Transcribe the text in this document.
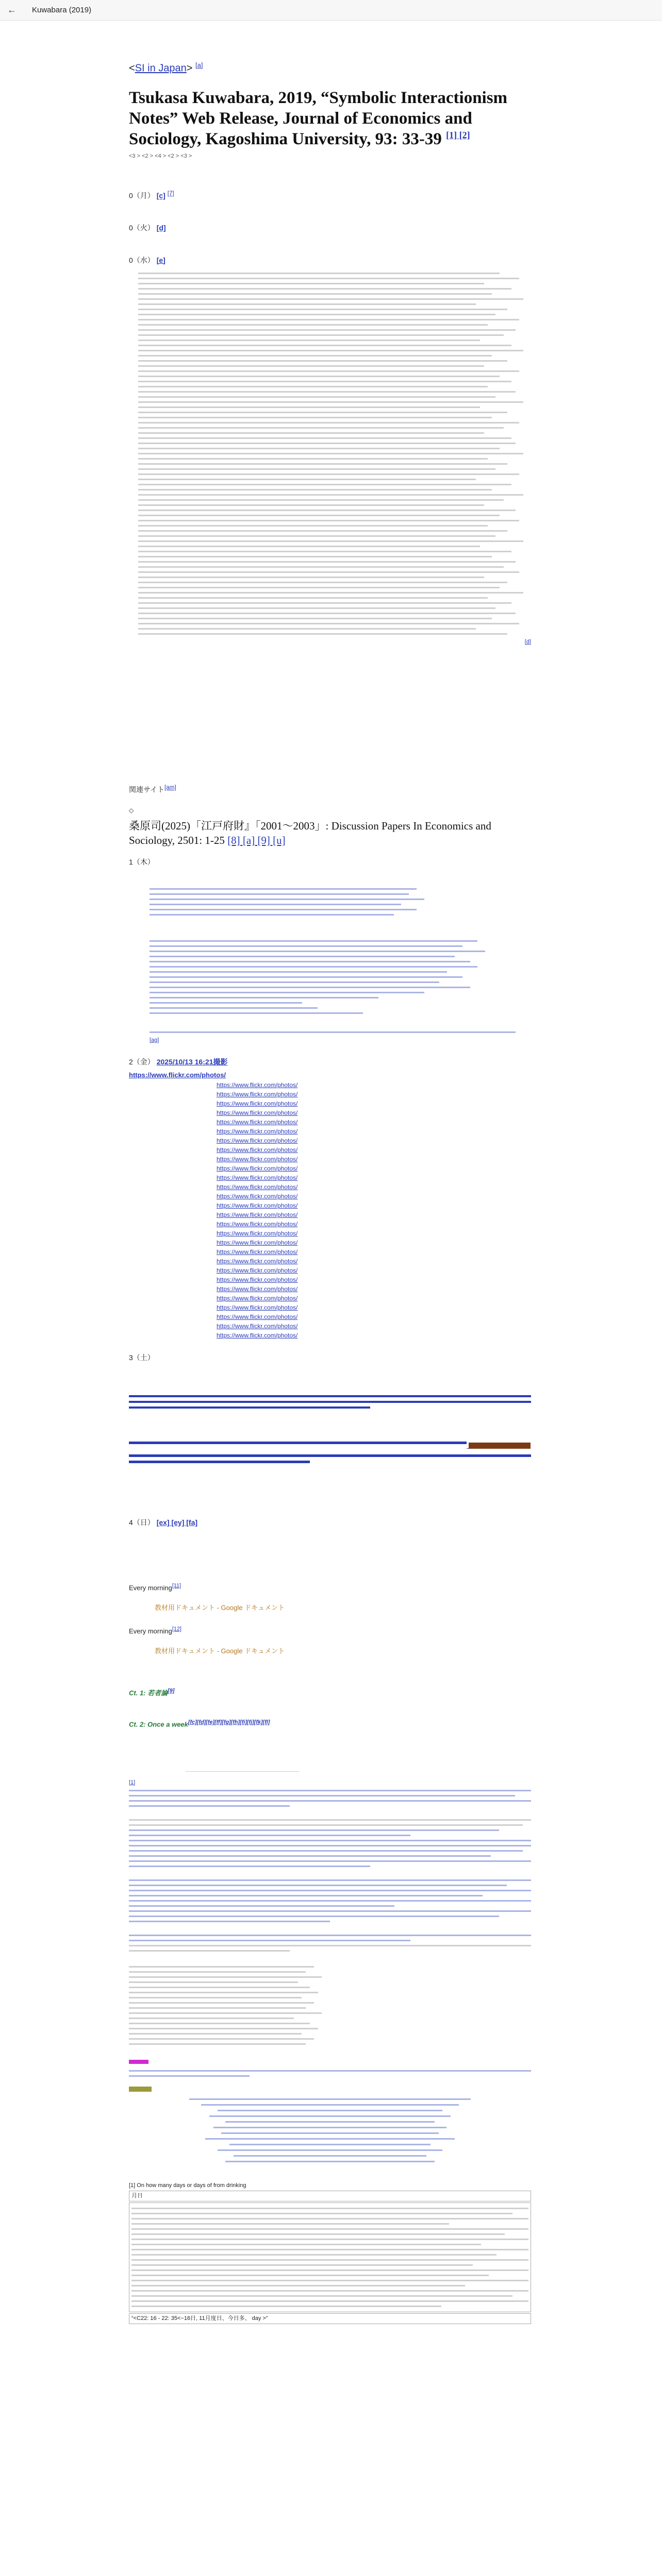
← Kuwabara (2019)
<SI in Japan> [a]
Tsukasa Kuwabara, 2019, “Symbolic Interactionism Notes” Web Release, Journal of Economics and Sociology, Kagoshima University, 93: 33-39 [1] [2]
<3 > <2 > <4 > <2 > <3 >
0（月） [c] [7]
0（火） [d]
0（水） [e]
[d]
関連サイト[am]
◇
桑原司(2025)「江戸府財』「2001〜2003」: Discussion Papers In Economics and Sociology, 2501: 1-25 [8] [a] [9] [u]
1（木）
[ag]
2（金） 2025/10/13 16:21撮影
https://www.flickr.com/photos/
https://www.flickr.com/photos/
https://www.flickr.com/photos/
https://www.flickr.com/photos/
https://www.flickr.com/photos/
https://www.flickr.com/photos/
https://www.flickr.com/photos/
https://www.flickr.com/photos/
https://www.flickr.com/photos/
https://www.flickr.com/photos/
https://www.flickr.com/photos/
https://www.flickr.com/photos/
https://www.flickr.com/photos/
https://www.flickr.com/photos/
https://www.flickr.com/photos/
https://www.flickr.com/photos/
https://www.flickr.com/photos/
https://www.flickr.com/photos/
https://www.flickr.com/photos/
https://www.flickr.com/photos/
https://www.flickr.com/photos/
https://www.flickr.com/photos/
https://www.flickr.com/photos/
https://www.flickr.com/photos/
https://www.flickr.com/photos/
https://www.flickr.com/photos/
https://www.flickr.com/photos/
https://www.flickr.com/photos/
https://www.flickr.com/photos/
3（土）

4（日） [ex] [ey] [fa]
Every morning[11]
教材用ドキュメント - Google ドキュメント
Every morning[12]
教材用ドキュメント - Google ドキュメント
Ct. 1: 若者論[9]
Ct. 2: Once a week[fc][fd][fe][ff][fg][fh][fi][fj][fk][fl]
[1]
[1] On how many days or days of from drinking
月日
“<C22: 16 - 22: 35<−16日, 11月度日、今日多、 day >”
